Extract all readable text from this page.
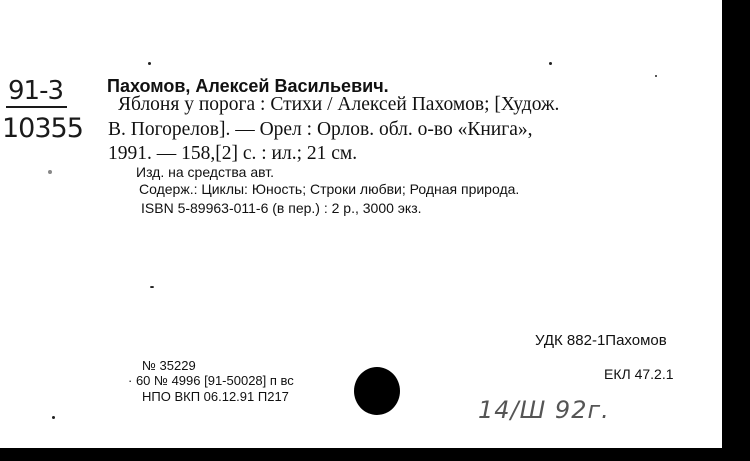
91-3
10355
Пахомов, Алексей Васильевич.
Яблоня у порога : Стихи / Алексей Пахомов; [Худож.
В. Погорелов]. — Орел : Орлов. обл. о-во «Книга»,
1991. — 158,[2] с. : ил.; 21 см.
Изд. на средства авт.
Содерж.: Циклы: Юность; Строки любви; Родная природа.
ISBN 5-89963-011-6 (в пер.) : 2 р., 3000 экз.
УДК 882-1Пахомов
ЕКЛ 47.2.1
№ 35229
· 60 № 4996 [91-50028] п вс
НПО ВКП 06.12.91 П217	14/Ш 92г.
